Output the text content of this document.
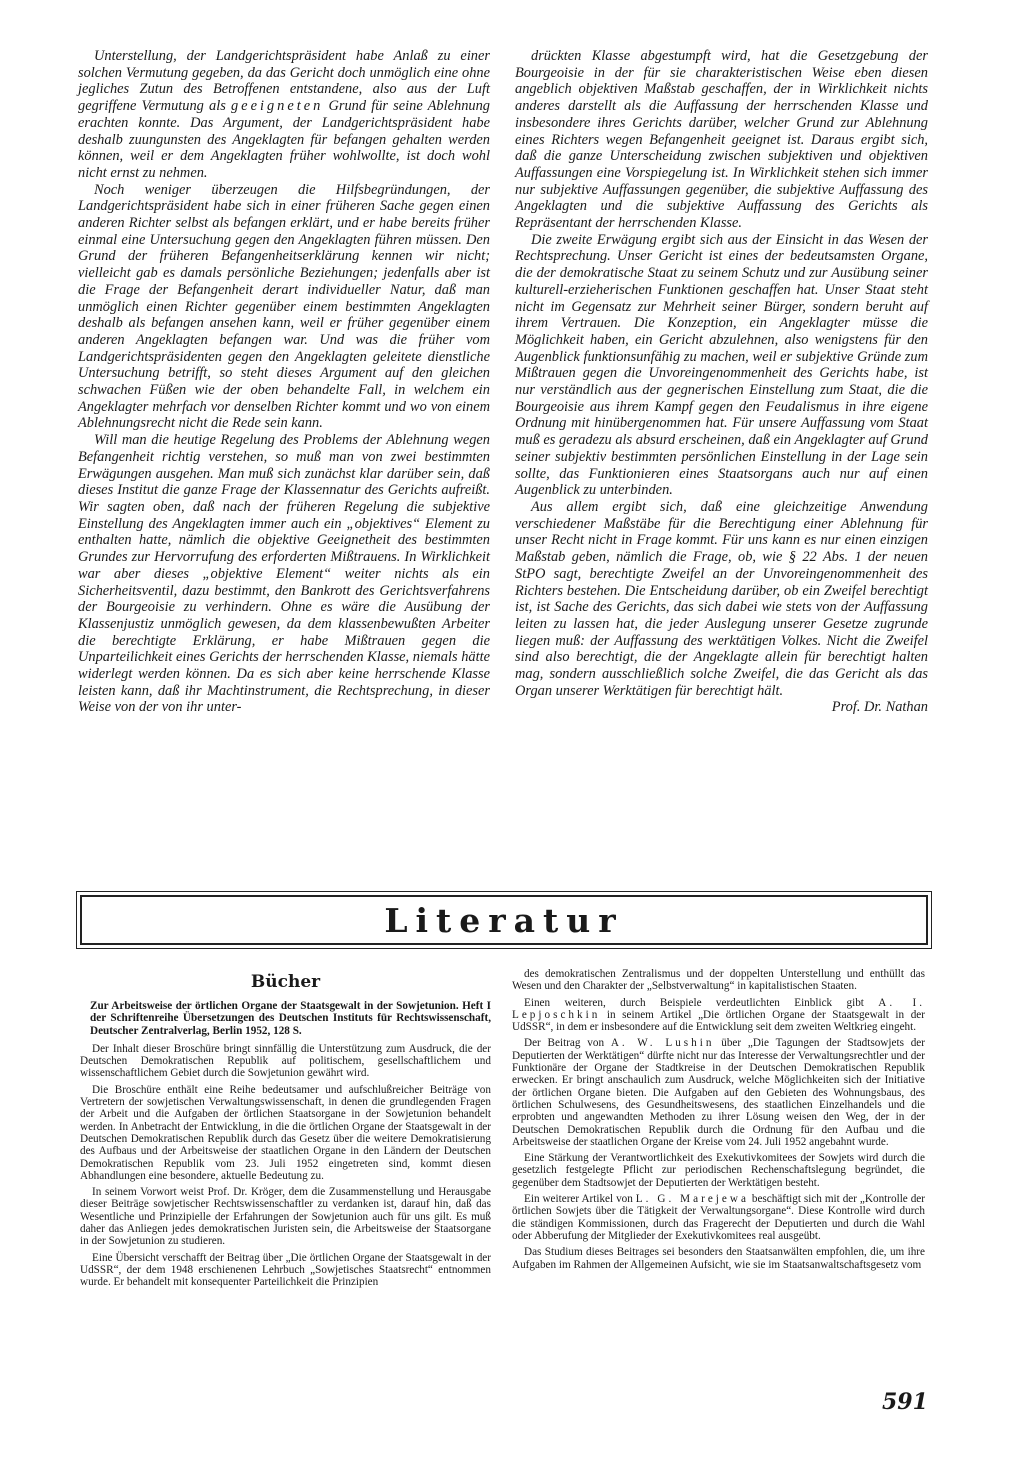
Unterstellung, der Landgerichtspräsident habe Anlaß zu einer solchen Vermutung gegeben, da das Gericht doch unmöglich eine ohne jegliches Zutun des Betroffenen entstandene, also aus der Luft gegriffene Vermutung als geeigneten Grund für seine Ablehnung erachten konnte. Das Argument, der Landgerichtspräsident habe deshalb zuungunsten des Angeklagten für befangen gehalten werden können, weil er dem Angeklagten früher wohlwollte, ist doch wohl nicht ernst zu nehmen.

Noch weniger überzeugen die Hilfsbegründungen, der Landgerichtspräsident habe sich in einer früheren Sache gegen einen anderen Richter selbst als befangen erklärt, und er habe bereits früher einmal eine Untersuchung gegen den Angeklagten führen müssen. Den Grund der früheren Befangenheitserklärung kennen wir nicht; vielleicht gab es damals persönliche Beziehungen; jedenfalls aber ist die Frage der Befangenheit derart individueller Natur, daß man unmöglich einen Richter gegenüber einem bestimmten Angeklagten deshalb als befangen ansehen kann, weil er früher gegenüber einem anderen Angeklagten befangen war. Und was die früher vom Landgerichtspräsidenten gegen den Angeklagten geleitete dienstliche Untersuchung betrifft, so steht dieses Argument auf den gleichen schwachen Füßen wie der oben behandelte Fall, in welchem ein Angeklagter mehrfach vor denselben Richter kommt und wo von einem Ablehnungsrecht nicht die Rede sein kann.

Will man die heutige Regelung des Problems der Ablehnung wegen Befangenheit richtig verstehen, so muß man von zwei bestimmten Erwägungen ausgehen. Man muß sich zunächst klar darüber sein, daß dieses Institut die ganze Frage der Klassennatur des Gerichts aufreißt. Wir sagten oben, daß nach der früheren Regelung die subjektive Einstellung des Angeklagten immer auch ein „objektives“ Element zu enthalten hatte, nämlich die objektive Geeignetheit des bestimmten Grundes zur Hervorrufung des erforderten Mißtrauens. In Wirklichkeit war aber dieses „objektive Element“ weiter nichts als ein Sicherheitsventil, dazu bestimmt, den Bankrott des Gerichtsverfahrens der Bourgeoisie zu verhindern. Ohne es wäre die Ausübung der Klassenjustiz unmöglich gewesen, da dem klassenbewußten Arbeiter die berechtigte Erklärung, er habe Mißtrauen gegen die Unparteilichkeit eines Gerichts der herrschenden Klasse, niemals hätte widerlegt werden können. Da es sich aber keine herrschende Klasse leisten kann, daß ihr Machtinstrument, die Rechtsprechung, in dieser Weise von der von ihr unter-

drückten Klasse abgestumpft wird, hat die Gesetzgebung der Bourgeoisie in der für sie charakteristischen Weise eben diesen angeblich objektiven Maßstab geschaffen, der in Wirklichkeit nichts anderes darstellt als die Auffassung der herrschenden Klasse und insbesondere ihres Gerichts darüber, welcher Grund zur Ablehnung eines Richters wegen Befangenheit geeignet ist. Daraus ergibt sich, daß die ganze Unterscheidung zwischen subjektiven und objektiven Auffassungen eine Vorspiegelung ist. In Wirklichkeit stehen sich immer nur subjektive Auffassungen gegenüber, die subjektive Auffassung des Angeklagten und die subjektive Auffassung des Gerichts als Repräsentant der herrschenden Klasse.

Die zweite Erwägung ergibt sich aus der Einsicht in das Wesen der Rechtsprechung. Unser Gericht ist eines der bedeutsamsten Organe, die der demokratische Staat zu seinem Schutz und zur Ausübung seiner kulturell-erzieherischen Funktionen geschaffen hat. Unser Staat steht nicht im Gegensatz zur Mehrheit seiner Bürger, sondern beruht auf ihrem Vertrauen. Die Konzeption, ein Angeklagter müsse die Möglichkeit haben, ein Gericht abzulehnen, also wenigstens für den Augenblick funktionsunfähig zu machen, weil er subjektive Gründe zum Mißtrauen gegen die Unvoreingenommenheit des Gerichts habe, ist nur verständlich aus der gegnerischen Einstellung zum Staat, die die Bourgeoisie aus ihrem Kampf gegen den Feudalismus in ihre eigene Ordnung mit hinübergenommen hat. Für unsere Auffassung vom Staat muß es geradezu als absurd erscheinen, daß ein Angeklagter auf Grund seiner subjektiv bestimmten persönlichen Einstellung in der Lage sein sollte, das Funktionieren eines Staatsorgans auch nur auf einen Augenblick zu unterbinden.

Aus allem ergibt sich, daß eine gleichzeitige Anwendung verschiedener Maßstäbe für die Berechtigung einer Ablehnung für unser Recht nicht in Frage kommt. Für uns kann es nur einen einzigen Maßstab geben, nämlich die Frage, ob, wie § 22 Abs. 1 der neuen StPO sagt, berechtigte Zweifel an der Unvoreingenommenheit des Richters bestehen. Die Entscheidung darüber, ob ein Zweifel berechtigt ist, ist Sache des Gerichts, das sich dabei wie stets von der Auffassung leiten zu lassen hat, die jeder Auslegung unserer Gesetze zugrunde liegen muß: der Auffassung des werktätigen Volkes. Nicht die Zweifel sind also berechtigt, die der Angeklagte allein für berechtigt halten mag, sondern ausschließlich solche Zweifel, die das Gericht als das Organ unserer Werktätigen für berechtigt hält.

Prof. Dr. Nathan

Literatur
Bücher

Zur Arbeitsweise der örtlichen Organe der Staatsgewalt in der Sowjetunion. Heft I der Schriftenreihe Übersetzungen des Deutschen Instituts für Rechtswissenschaft, Deutscher Zentralverlag, Berlin 1952, 128 S.

Der Inhalt dieser Broschüre bringt sinnfällig die Unterstützung zum Ausdruck, die der Deutschen Demokratischen Republik auf politischem, gesellschaftlichem und wissenschaftlichem Gebiet durch die Sowjetunion gewährt wird.

Die Broschüre enthält eine Reihe bedeutsamer und aufschlußreicher Beiträge von Vertretern der sowjetischen Verwaltungswissenschaft, in denen die grundlegenden Fragen der Arbeit und die Aufgaben der örtlichen Staatsorgane in der Sowjetunion behandelt werden. In Anbetracht der Entwicklung, in die die örtlichen Organe der Staatsgewalt in der Deutschen Demokratischen Republik durch das Gesetz über die weitere Demokratisierung des Aufbaus und der Arbeitsweise der staatlichen Organe in den Ländern der Deutschen Demokratischen Republik vom 23. Juli 1952 eingetreten sind, kommt diesen Abhandlungen eine besondere, aktuelle Bedeutung zu.

In seinem Vorwort weist Prof. Dr. Kröger, dem die Zusammenstellung und Herausgabe dieser Beiträge sowjetischer Rechtswissenschaftler zu verdanken ist, darauf hin, daß das Wesentliche und Prinzipielle der Erfahrungen der Sowjetunion auch für uns gilt. Es muß daher das Anliegen jedes demokratischen Juristen sein, die Arbeitsweise der Staatsorgane in der Sowjetunion zu studieren.

Eine Übersicht verschafft der Beitrag über „Die örtlichen Organe der Staatsgewalt in der UdSSR“, der dem 1948 erschienenen Lehrbuch „Sowjetisches Staatsrecht“ entnommen wurde. Er behandelt mit konsequenter Parteilichkeit die Prinzipien

des demokratischen Zentralismus und der doppelten Unterstellung und enthüllt das Wesen und den Charakter der „Selbstverwaltung“ in kapitalistischen Staaten.

Einen weiteren, durch Beispiele verdeutlichten Einblick gibt A. I. Lepjoschkin in seinem Artikel „Die örtlichen Organe der Staatsgewalt in der UdSSR“, in dem er insbesondere auf die Entwicklung seit dem zweiten Weltkrieg eingeht.

Der Beitrag von A. W. Lushin über „Die Tagungen der Stadtsowjets der Deputierten der Werktätigen“ dürfte nicht nur das Interesse der Verwaltungsrechtler und der Funktionäre der Organe der Stadtkreise in der Deutschen Demokratischen Republik erwecken. Er bringt anschaulich zum Ausdruck, welche Möglichkeiten sich der Initiative der örtlichen Organe bieten. Die Aufgaben auf den Gebieten des Wohnungsbaus, des örtlichen Schulwesens, des Gesundheitswesens, des staatlichen Einzelhandels und die erprobten und angewandten Methoden zu ihrer Lösung weisen den Weg, der in der Deutschen Demokratischen Republik durch die Ordnung für den Aufbau und die Arbeitsweise der staatlichen Organe der Kreise vom 24. Juli 1952 angebahnt wurde.

Eine Stärkung der Verantwortlichkeit des Exekutivkomitees der Sowjets wird durch die gesetzlich festgelegte Pflicht zur periodischen Rechenschaftslegung begründet, die gegenüber dem Stadtsowjet der Deputierten der Werktätigen besteht.

Ein weiterer Artikel von L. G. Marejewa beschäftigt sich mit der „Kontrolle der örtlichen Sowjets über die Tätigkeit der Verwaltungsorgane“. Diese Kontrolle wird durch die ständigen Kommissionen, durch das Fragerecht der Deputierten und durch die Wahl oder Abberufung der Mitglieder der Exekutivkomitees real ausgeübt.

Das Studium dieses Beitrages sei besonders den Staatsanwälten empfohlen, die, um ihre Aufgaben im Rahmen der Allgemeinen Aufsicht, wie sie im Staatsanwaltschaftsgesetz vom

591
